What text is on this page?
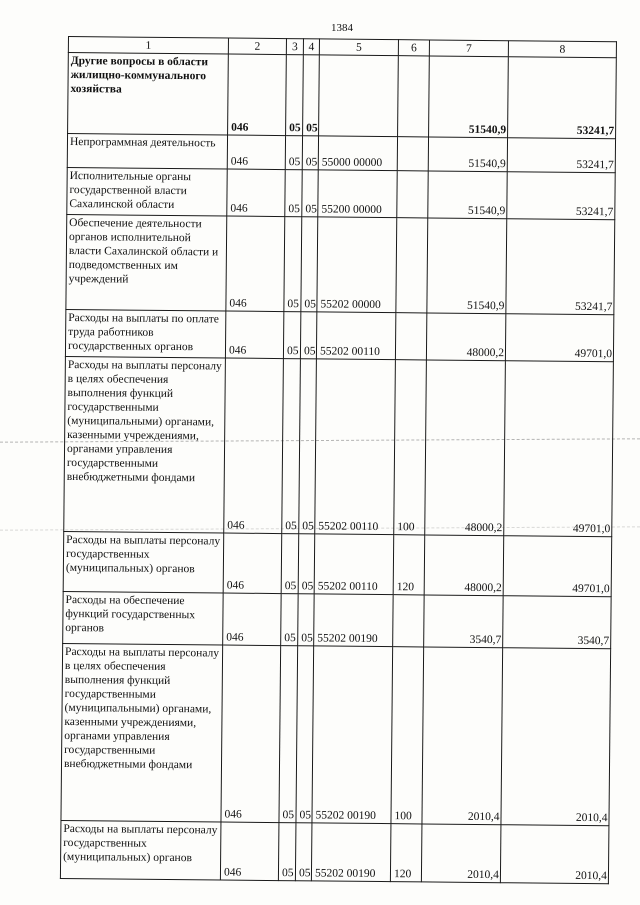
1384
1	2	3	4	5	6	7	8
Другие вопросы в области жилищно-коммунального хозяйства	046	05	05			51540,9	53241,7
Непрограммная деятельность	046	05	05	55000 00000		51540,9	53241,7
Исполнительные органы государственной власти Сахалинской области	046	05	05	55200 00000		51540,9	53241,7
Обеспечение деятельности органов исполнительной власти Сахалинской области и подведомственных им учреждений	046	05	05	55202 00000		51540,9	53241,7
Расходы на выплаты по оплате труда работников государственных органов	046	05	05	55202 00110		48000,2	49701,0
Расходы на выплаты персоналу в целях обеспечения выполнения функций государственными (муниципальными) органами, казенными учреждениями, органами управления государственными внебюджетными фондами	046	05	05	55202 00110	100	48000,2	49701,0
Расходы на выплаты персоналу государственных (муниципальных) органов	046	05	05	55202 00110	120	48000,2	49701,0
Расходы на обеспечение функций государственных органов	046	05	05	55202 00190		3540,7	3540,7
Расходы на выплаты персоналу в целях обеспечения выполнения функций государственными (муниципальными) органами, казенными учреждениями, органами управления государственными внебюджетными фондами	046	05	05	55202 00190	100	2010,4	2010,4
Расходы на выплаты персоналу государственных (муниципальных) органов	046	05	05	55202 00190	120	2010,4	2010,4
